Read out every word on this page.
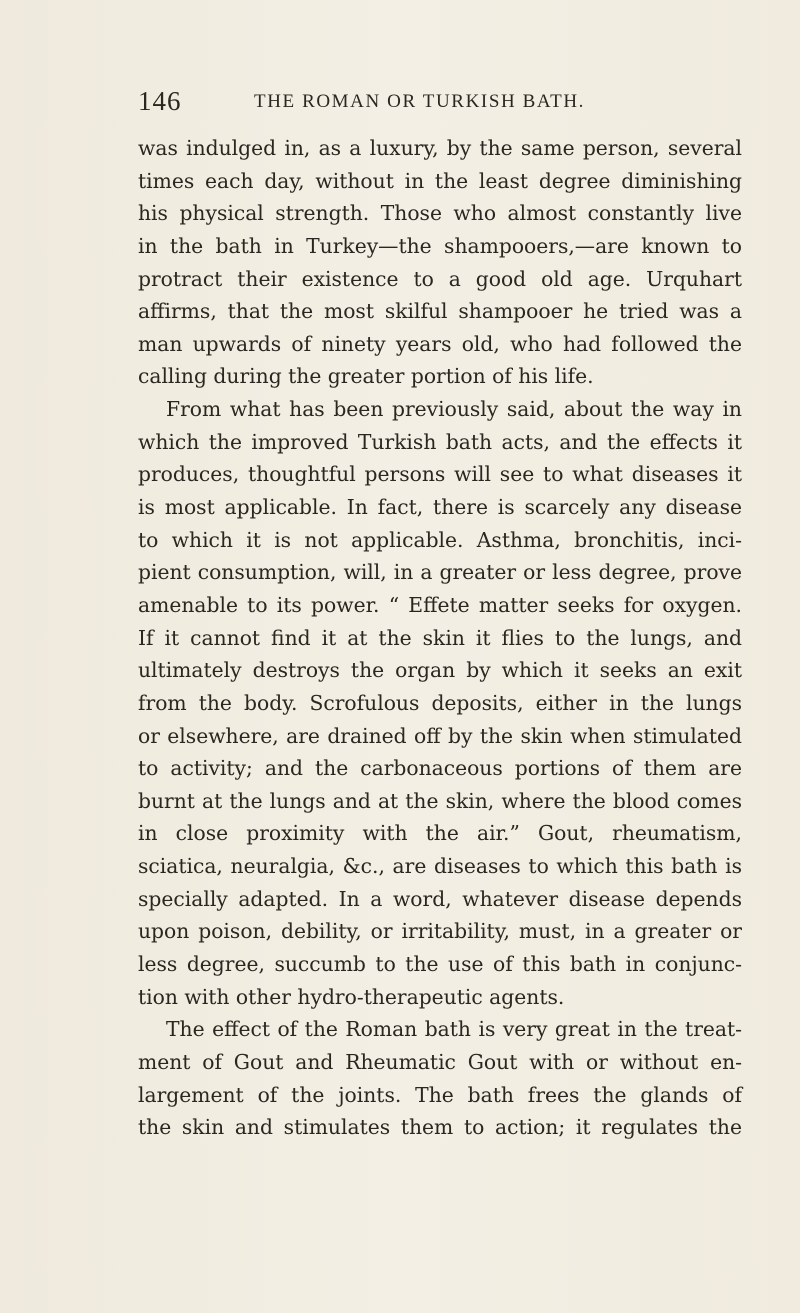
146	THE ROMAN OR TURKISH BATH.
was indulged in, as a luxury, by the same person, several
times each day, without in the least degree diminishing
his physical strength. Those who almost constantly live
in the bath in Turkey—the shampooers,—are known to
protract their existence to a good old age. Urquhart
affirms, that the most skilful shampooer he tried was a
man upwards of ninety years old, who had followed the
calling during the greater portion of his life.
From what has been previously said, about the way in
which the improved Turkish bath acts, and the effects it
produces, thoughtful persons will see to what diseases it
is most applicable. In fact, there is scarcely any disease
to which it is not applicable. Asthma, bronchitis, inci-
pient consumption, will, in a greater or less degree, prove
amenable to its power. “ Effete matter seeks for oxygen.
If it cannot find it at the skin it flies to the lungs, and
ultimately destroys the organ by which it seeks an exit
from the body. Scrofulous deposits, either in the lungs
or elsewhere, are drained off by the skin when stimulated
to activity; and the carbonaceous portions of them are
burnt at the lungs and at the skin, where the blood comes
in close proximity with the air.” Gout, rheumatism,
sciatica, neuralgia, &c., are diseases to which this bath is
specially adapted. In a word, whatever disease depends
upon poison, debility, or irritability, must, in a greater or
less degree, succumb to the use of this bath in conjunc-
tion with other hydro-therapeutic agents.
The effect of the Roman bath is very great in the treat-
ment of Gout and Rheumatic Gout with or without en-
largement of the joints. The bath frees the glands of
the skin and stimulates them to action; it regulates the
